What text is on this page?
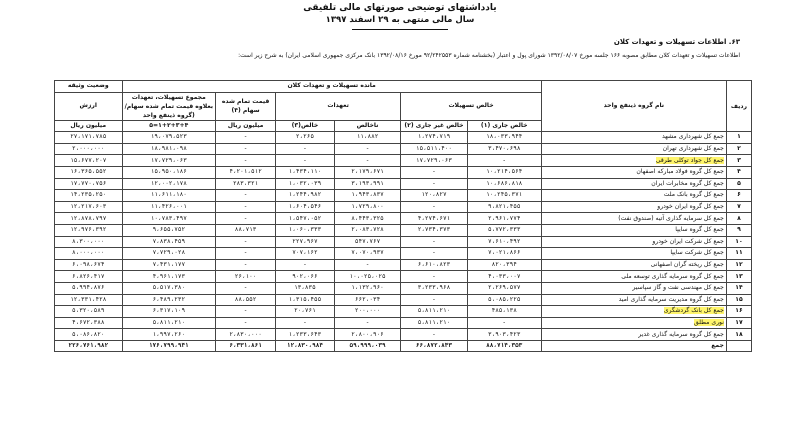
یادداشتهای توضیحی صورتهای مالی تلفیقی
سال مالی منتهی به ۲۹ اسفند ۱۳۹۷
۶۳. اطلاعات تسهیلات و تعهدات کلان
اطلاعات تسهیلات و تعهدات کلان مطابق مصوبه ۱۶۶ جلسه مورخ ۱۳۹۲/۰۸/۰۷ شورای پول و اعتبار (بخشنامه شماره ۹۲/۲۴۲۵۵۳ مورخ ۱۳۹۲/۰۸/۱۶ بانک مرکزی جمهوری اسلامی ایران) به شرح زیر است:
وضعیت وثیقه	مانده تسهیلات و تعهدات کلان						نام گروه ذینفع واحد	ردیف
ارزش	مجموع تسهیلات، تعهدات بعلاوه قیمت تمام شده سهام/گروه ذینفع واحد)	قیمت تمام شده سهام (۴)	تعهدات		خالص تسهیلات			

میلیون ریال	۵=۱+۲+۳+۴	میلیون ریال	خالص(۳)	ناخالص	خالص غیر جاری (۲)	خالص جاری (۱)		
۲۷،۱۷۱،۷۸۵	۱۹،۰۷۹،۵۲۳	-	۲،۲۶۵	۱۱،۸۸۲	۱،۲۷۴،۷۱۹	۱۸،۰۳۳،۹۴۴	جمع کل شهرداری مشهد	۱
۲،۰۰۰،۰۰۰	۱۸،۹۸۱،۰۹۸	-	-	-	۱۵،۵۱۱،۴۰۰	۳،۴۷۰،۶۹۸	جمع کل شهرداری تهران	۲
۱۵،۶۷۷،۲۰۷	۱۷،۷۲۹،۰۶۳	-	-	-	۱۷،۷۲۹،۰۶۳	-	جمع کل جواد توکلی طرقی	۳
۱۶،۳۶۵،۵۵۲	۱۵،۹۵۰،۱۸۶	۴،۲۰۱،۵۱۲	۱،۴۳۴،۱۱۰	۲،۱۷۹،۶۷۱	-	۱۰،۲۱۴،۵۶۴	جمع کل گروه فولاد مبارکه اصفهان	۴
۱۷،۷۷۰،۷۵۶	۱۲،۰۰۲،۱۷۸	۲۸۳،۳۲۱	۱،۰۳۲،۰۳۹	۳،۱۹۳،۹۹۱	-	۱۰،۶۸۶،۸۱۸	جمع کل گروه مخابرات ایران	۵
۱۴،۲۳۵،۲۵۰	۱۱،۶۱۱،۱۸۰	-	۱،۲۴۴،۹۸۲	۱،۹۴۳،۸۳۷	۱۲۰،۸۲۷	۱۰،۲۴۵،۳۷۱	جمع کل گروه بانک ملت	۶
۱۲،۲۱۷،۶۰۳	۱۱،۴۲۶،۰۰۱	-	۱،۶۰۴،۵۴۶	۱،۷۲۹،۸۰۰	-	۹،۸۲۱،۴۵۵	جمع کل گروه ایران خودرو	۷
۱۲،۸۷۸،۷۹۷	۱۰،۷۸۳،۴۹۷	-	۱،۵۴۷،۰۵۲	۸،۴۴۳،۳۲۵	۴،۲۷۴،۶۷۱	۲،۹۶۱،۷۷۴	جمع کل سرمایه گذاری آتیه (صندوق نفت)	۸
۱۲،۹۷۶،۳۹۲	۹،۶۵۵،۷۵۲	۸۸،۷۱۳	۱،۰۶۰،۳۳۳	۲،۰۸۳،۷۲۸	۲،۷۳۴،۳۷۳	۵،۷۷۲،۳۳۳	جمع کل گروه سایپا	۹
۸،۳۰۰،۰۰۰	۷،۸۳۸،۴۵۹	-	۲۲۷،۹۶۷	۵۴۷،۷۶۷	-	۷،۶۱۰،۴۹۲	جمع کل شرکت ایران خودرو	۱۰
۸،۰۰۰،۰۰۰	۷،۷۲۹،۰۲۸	-	۷۰۷،۱۶۲	۷،۰۷۰،۹۳۷	-	۷،۰۲۱،۸۶۶	جمع کل شرکت سایپا	۱۱
۶،۰۹۸،۶۷۴	۷،۴۳۱،۱۷۷	-	-	-	۶،۶۱۰،۸۲۳	۸۲۰،۳۹۴	جمع کل ریخته گران اصفهانی	۱۲
۶،۸۲۶،۴۱۷	۴،۹۶۱،۱۷۳	۲۶،۱۰۰	۹۰۲،۰۶۶	۱۰،۰۲۵،۰۲۵	-	۴،۰۳۳،۰۰۷	جمع کل گروه سرمایه گذاری توسعه ملی	۱۳
۵،۹۹۴،۸۷۶	۵،۵۱۷،۳۸۰	-	۱۳،۸۳۵	۱،۱۳۲،۹۶۰	۳،۲۳۳،۹۶۸	۲،۲۶۹،۵۷۷	جمع کل مهندسی نفت و گاز سپاسیر	۱۴
۱۲،۳۳۱،۴۲۸	۶،۴۸۹،۲۳۲	۸۸،۵۵۲	۱،۳۱۵،۴۵۵	۶۶۲،۰۳۴	-	۵،۰۸۵،۲۲۵	جمع کل گروه مدیریت سرمایه گذاری امید	۱۵
۵،۳۲۰،۵۸۹	۶،۳۱۷،۱۰۹	-	۲۰،۷۶۱	۲۰۰،۰۰۰	۵،۸۱۱،۲۱۰	۴۸۵،۱۳۸	جمع کل بانک گردشگری	۱۶
۴،۶۷۲،۳۸۸	۵،۸۱۱،۲۱۰	-	-	-	۵،۸۱۱،۲۱۰	-	نوری مطلق	۱۷
۵،۰۸۶،۸۲۰	۱،۹۹۷،۲۶۰	۲،۸۳۰،۰۰۰	۱،۲۳۳،۶۴۳	۲،۸۰۰،۹۰۶	-	۳،۹۰۳،۴۲۳	جمع کل گروه سرمایه گذاری غدیر	۱۸
۲۲۶،۷۶۱،۹۸۲	۱۷۶،۷۹۹،۹۴۱	۶،۳۳۱،۸۶۱	۱۲،۸۳۰،۹۸۴	۵۹،۹۹۹،۰۳۹	۶۶،۸۷۲،۸۴۳	۸۸،۷۱۴،۳۵۳	جمع	
